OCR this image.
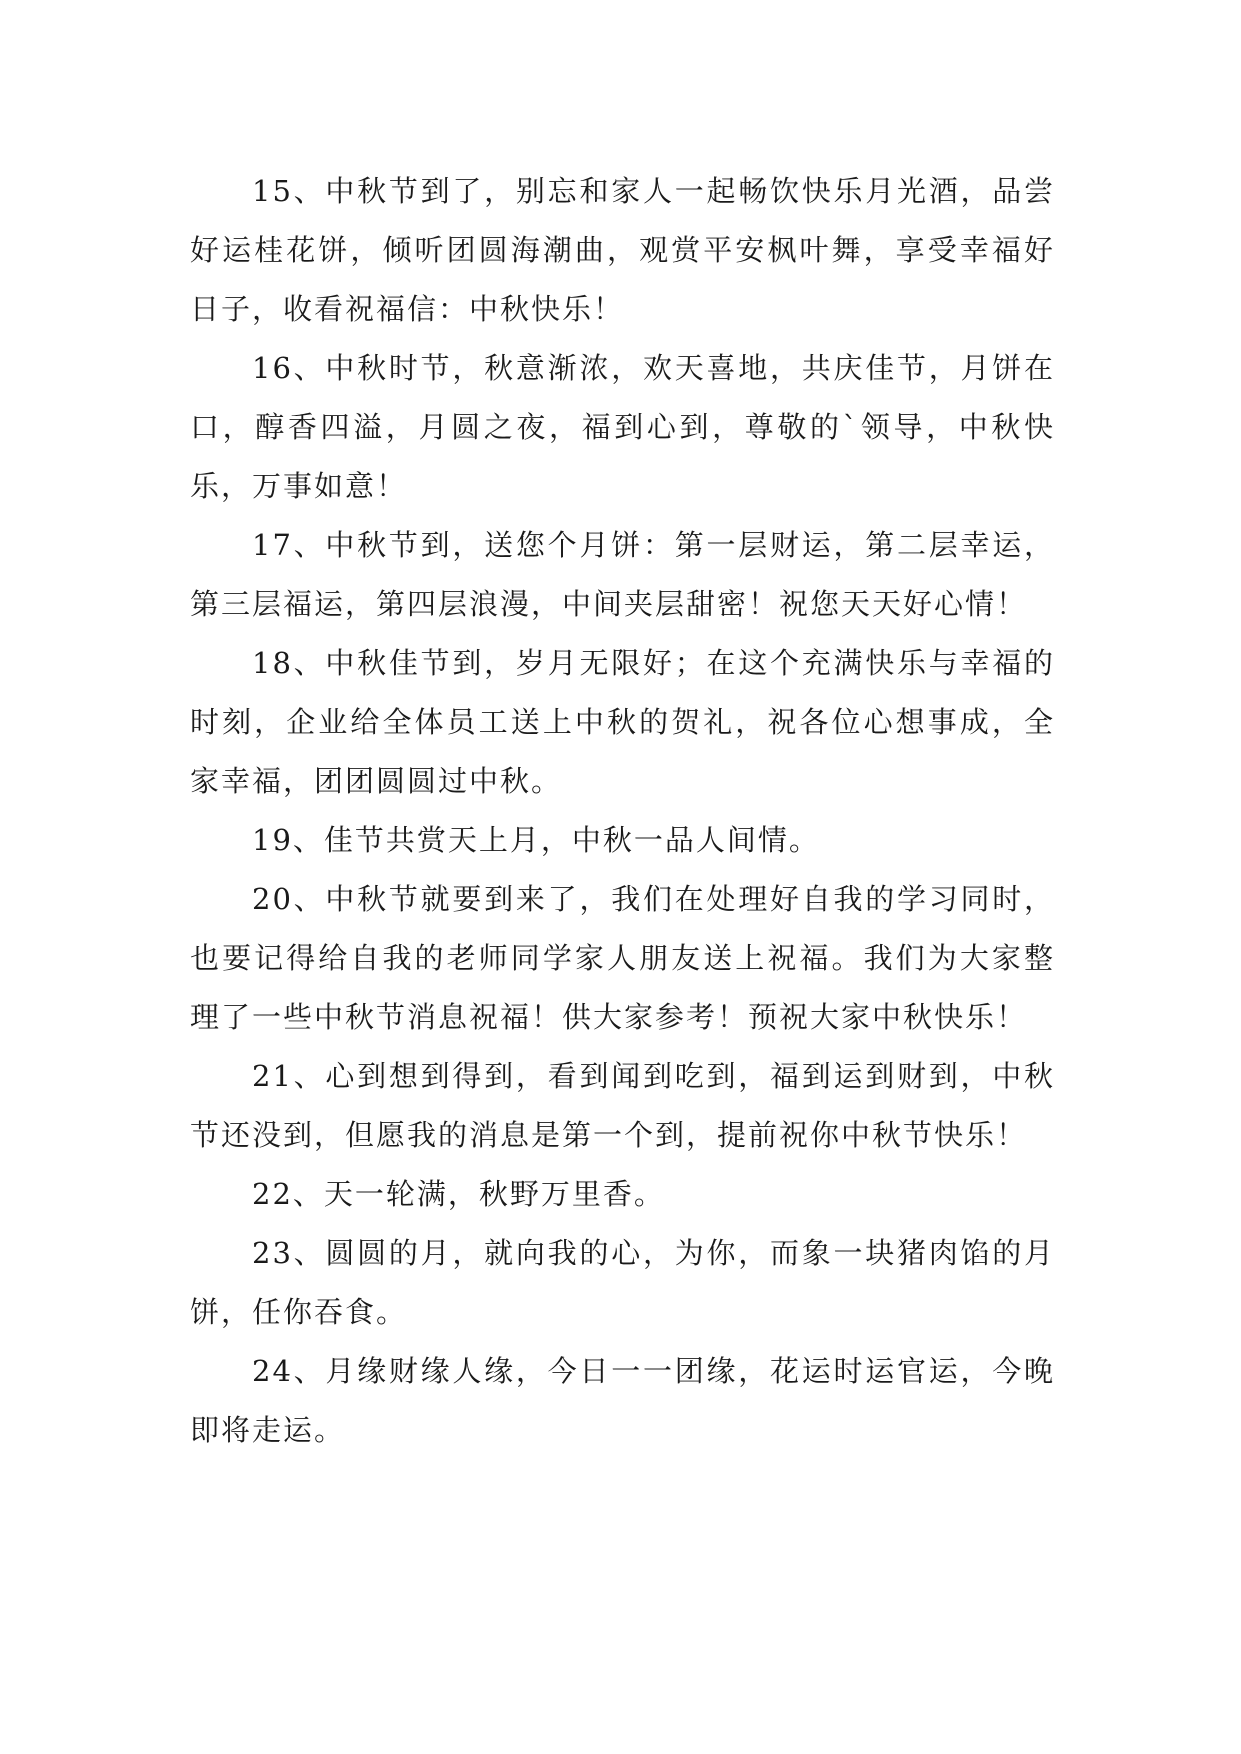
15、中秋节到了，别忘和家人一起畅饮快乐月光酒，品尝好运桂花饼，倾听团圆海潮曲，观赏平安枫叶舞，享受幸福好日子，收看祝福信：中秋快乐！

16、中秋时节，秋意渐浓，欢天喜地，共庆佳节，月饼在口，醇香四溢，月圆之夜，福到心到，尊敬的`领导，中秋快乐，万事如意！

17、中秋节到，送您个月饼：第一层财运，第二层幸运，第三层福运，第四层浪漫，中间夹层甜密！祝您天天好心情！

18、中秋佳节到，岁月无限好；在这个充满快乐与幸福的时刻，企业给全体员工送上中秋的贺礼，祝各位心想事成，全家幸福，团团圆圆过中秋。

19、佳节共赏天上月，中秋一品人间情。

20、中秋节就要到来了，我们在处理好自我的学习同时，也要记得给自我的老师同学家人朋友送上祝福。我们为大家整理了一些中秋节消息祝福！供大家参考！预祝大家中秋快乐！

21、心到想到得到，看到闻到吃到，福到运到财到，中秋节还没到，但愿我的消息是第一个到，提前祝你中秋节快乐！

22、天一轮满，秋野万里香。

23、圆圆的月，就向我的心，为你，而象一块猪肉馅的月饼，任你吞食。

24、月缘财缘人缘，今日一一团缘，花运时运官运，今晚即将走运。
